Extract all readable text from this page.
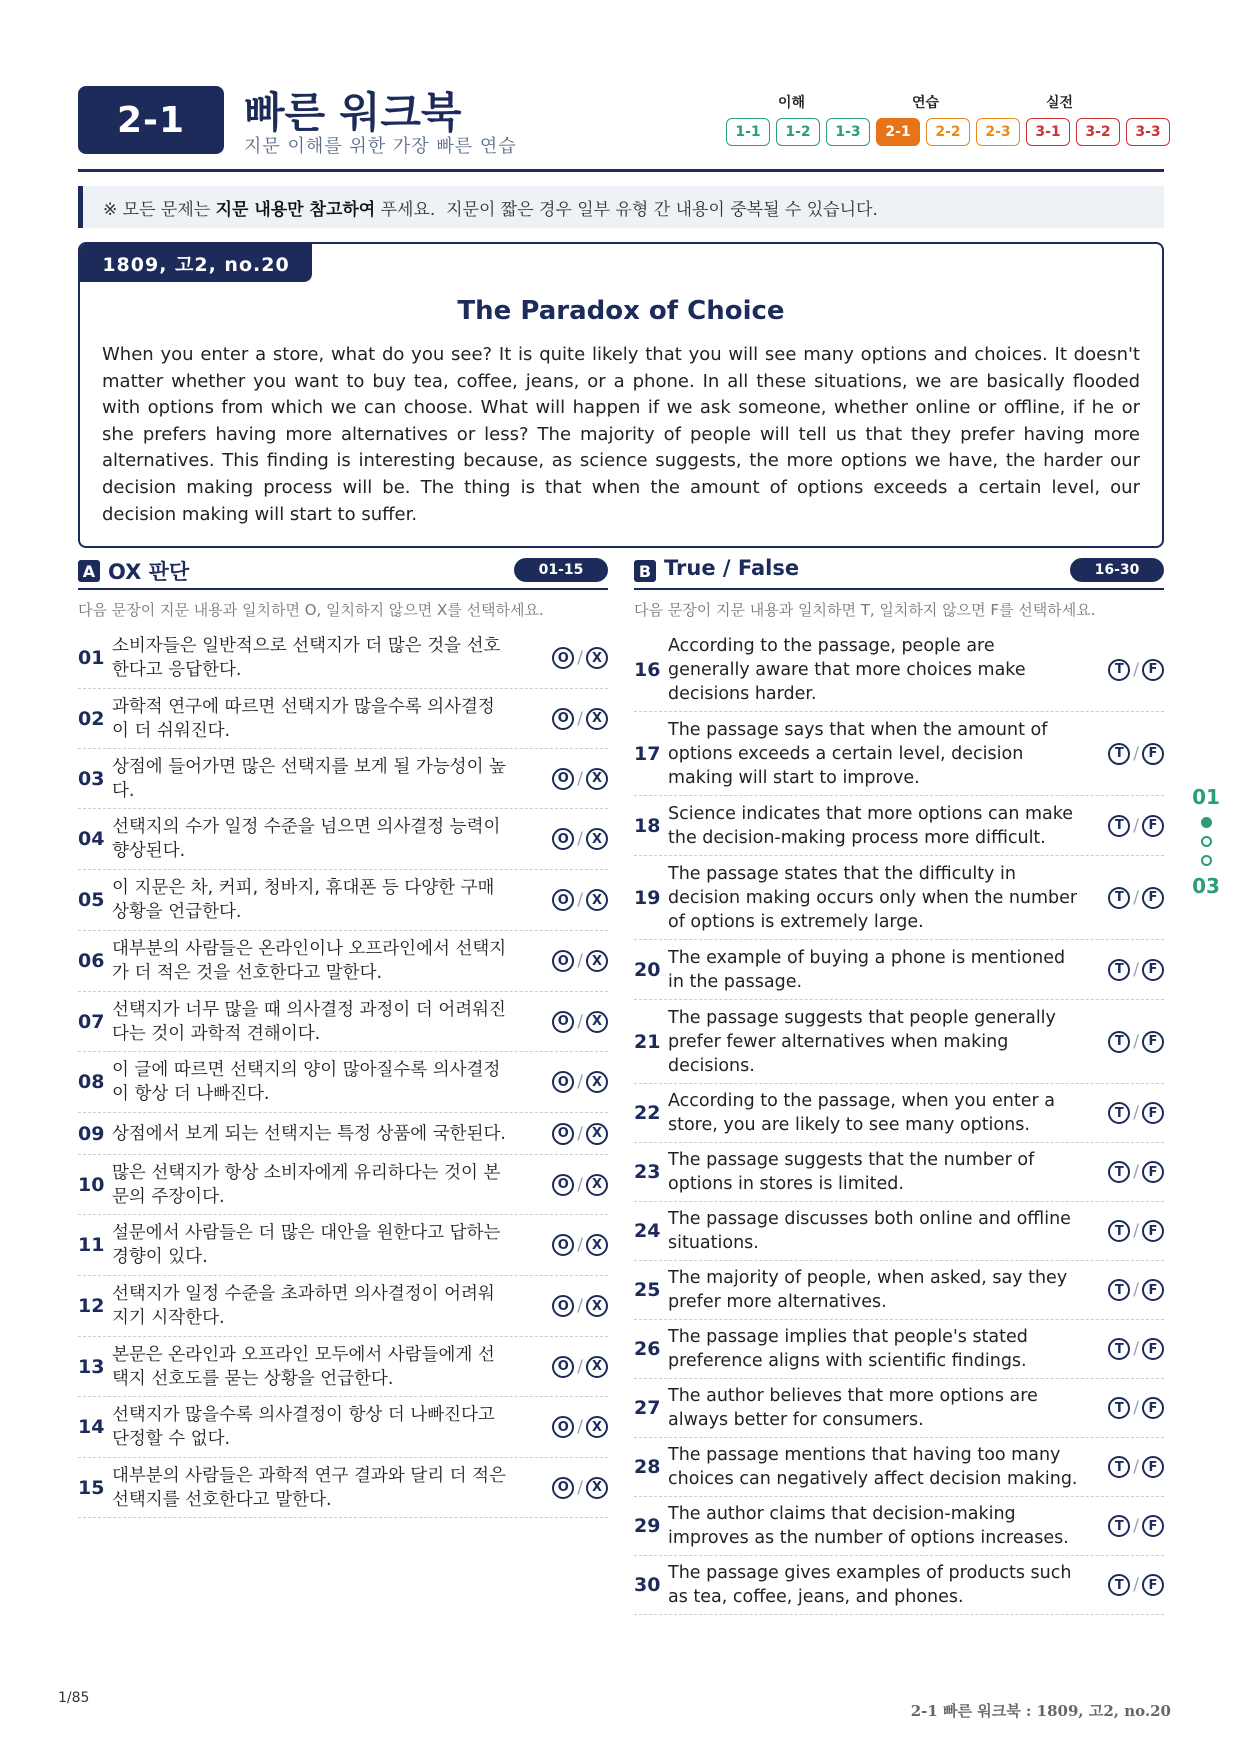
2-1	빠른 워크북
지문 이해를 위한 가장 빠른 연습
이해	연습	실전
1-1	1-2	1-3	2-1	2-2	2-3	3-1	3-2	3-3
※ 모든 문제는 지문 내용만 참고하여 푸세요.  지문이 짧은 경우 일부 유형 간 내용이 중복될 수 있습니다.
1809, 고2, no.20
The Paradox of Choice

When you enter a store, what do you see? It is quite likely that you will see many options and choices. It doesn't matter whether you want to buy tea, coffee, jeans, or a phone. In all these situations, we are basically flooded with options from which we can choose. What will happen if we ask someone, whether online or offline, if he or she prefers having more alternatives or less? The majority of people will tell us that they prefer having more alternatives. This finding is interesting because, as science suggests, the more options we have, the harder our decision making process will be. The thing is that when the amount of options exceeds a certain level, our decision making will start to suffer.

A OX 판단	01-15
다음 문장이 지문 내용과 일치하면 O, 일치하지 않으면 X를 선택하세요.
01
소비자들은 일반적으로 선택지가 더 많은 것을 선호
한다고 응답한다.
O / X
02
과학적 연구에 따르면 선택지가 많을수록 의사결정
이 더 쉬워진다.
O / X
03
상점에 들어가면 많은 선택지를 보게 될 가능성이 높
다.
O / X
04
선택지의 수가 일정 수준을 넘으면 의사결정 능력이
향상된다.
O / X
05
이 지문은 차, 커피, 청바지, 휴대폰 등 다양한 구매
상황을 언급한다.
O / X
06
대부분의 사람들은 온라인이나 오프라인에서 선택지
가 더 적은 것을 선호한다고 말한다.
O / X
07
선택지가 너무 많을 때 의사결정 과정이 더 어려워진
다는 것이 과학적 견해이다.
O / X
08
이 글에 따르면 선택지의 양이 많아질수록 의사결정
이 항상 더 나빠진다.
O / X
09 상점에서 보게 되는 선택지는 특정 상품에 국한된다.	O / X
10
많은 선택지가 항상 소비자에게 유리하다는 것이 본
문의 주장이다.
O / X
11
설문에서 사람들은 더 많은 대안을 원한다고 답하는
경향이 있다.
O / X
12
선택지가 일정 수준을 초과하면 의사결정이 어려워
지기 시작한다.
O / X
13
본문은 온라인과 오프라인 모두에서 사람들에게 선
택지 선호도를 묻는 상황을 언급한다.
O / X
14
선택지가 많을수록 의사결정이 항상 더 나빠진다고
단정할 수 없다.
O / X
15
대부분의 사람들은 과학적 연구 결과와 달리 더 적은
선택지를 선호한다고 말한다.
O / X
B True / False	16-30
다음 문장이 지문 내용과 일치하면 T, 일치하지 않으면 F를 선택하세요.
16
According to the passage, people are
generally aware that more choices make
decisions harder.
T / F
17
The passage says that when the amount of
options exceeds a certain level, decision
making will start to improve.
T / F
18
Science indicates that more options can make
the decision-making process more difficult.
T / F
19
The passage states that the difficulty in
decision making occurs only when the number
of options is extremely large.
T / F
20
The example of buying a phone is mentioned
in the passage.
T / F
21
The passage suggests that people generally
prefer fewer alternatives when making
decisions.
T / F
22
According to the passage, when you enter a
store, you are likely to see many options.
T / F
23
The passage suggests that the number of
options in stores is limited.
T / F
24
The passage discusses both online and offline
situations.
T / F
25
The majority of people, when asked, say they
prefer more alternatives.
T / F
26
The passage implies that people's stated
preference aligns with scientific findings.
T / F
27
The author believes that more options are
always better for consumers.
T / F
28
The passage mentions that having too many
choices can negatively affect decision making.
T / F
29
The author claims that decision-making
improves as the number of options increases.
T / F
30
The passage gives examples of products such
as tea, coffee, jeans, and phones.
T / F
01
03
1/85
2-1 빠른 워크북 : 1809, 고2, no.20
